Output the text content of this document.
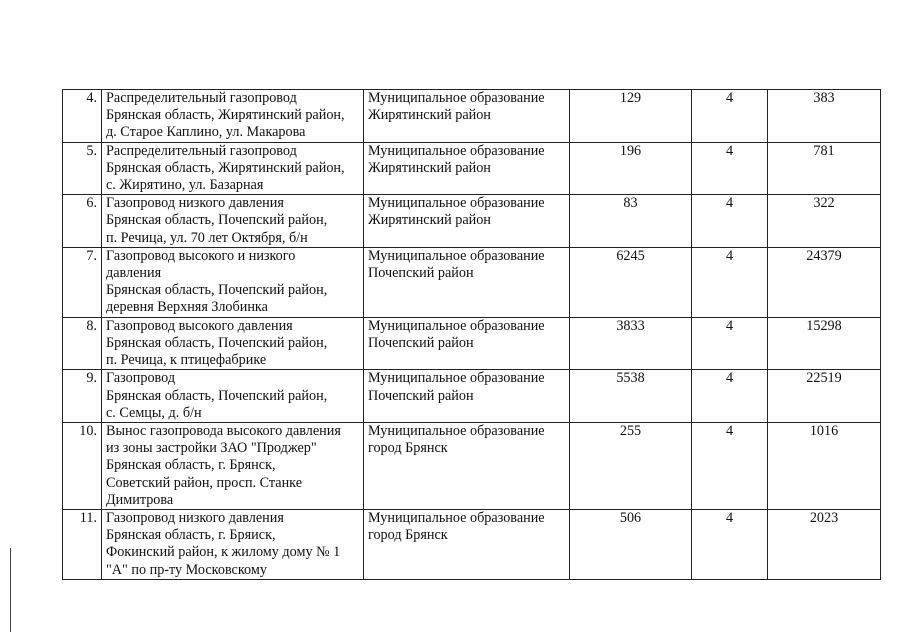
4.	Распределительный газопровод
Брянская область, Жирятинский район,
д. Старое Каплино, ул. Макарова	Муниципальное образование
Жирятинский район	129	4	383
5.	Распределительный газопровод
Брянская область, Жирятинский район,
с. Жирятино, ул. Базарная	Муниципальное образование
Жирятинский район	196	4	781
6.	Газопровод низкого давления
Брянская область, Почепский район,
п. Речица, ул. 70 лет Октября, б/н	Муниципальное образование
Жирятинский район	83	4	322
7.	Газопровод высокого и низкого
давления
Брянская область, Почепский район,
деревня Верхняя Злобинка	Муниципальное образование
Почепский район	6245	4	24379
8.	Газопровод высокого давления
Брянская область, Почепский район,
п. Речица, к птицефабрике	Муниципальное образование
Почепский район	3833	4	15298
9.	Газопровод
Брянская область, Почепский район,
с. Семцы, д. б/н	Муниципальное образование
Почепский район	5538	4	22519
10.	Вынос газопровода высокого давления
из зоны застройки ЗАО "Проджер"
Брянская область, г. Брянск,
Советский район, просп. Станке
Димитрова	Муниципальное образование
город Брянск	255	4	1016
11.	Газопровод низкого давления
Брянская область, г. Бряиск,
Фокинский район, к жилому дому № 1
"А" по пр-ту Московскому	Муниципальное образование
город Брянск	506	4	2023
